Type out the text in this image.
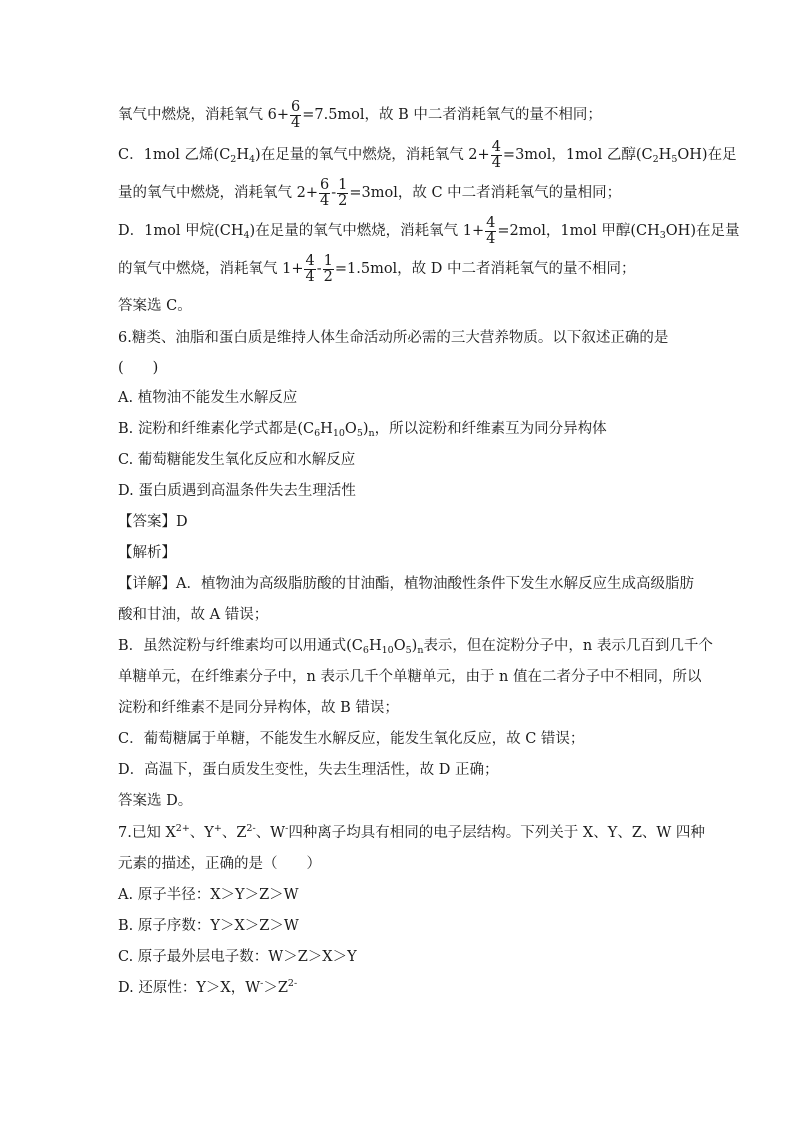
氧气中燃烧，消耗氧气 $6+ \frac{6}{4} =7.5mol$，故 B 中二者消耗氧气的量不相同；
C．1mol 乙烯$(C_2H_4)$在足量的氧气中燃烧，消耗氧气 $2+ \frac{4}{4} =3mol$，1mol 乙醇$(C_2H_5OH)$在足
量的氧气中燃烧，消耗氧气 $2+ \frac{6}{4} - \frac{1}{2} =3mol$，故 C 中二者消耗氧气的量相同；
D．1mol 甲烷$(CH_4)$在足量的氧气中燃烧，消耗氧气 $1+ \frac{4}{4} =2mol$，1mol 甲醇$(CH_3OH)$在足量
的氧气中燃烧，消耗氧气 $1+ \frac{4}{4} - \frac{1}{2} =1.5mol$，故 D 中二者消耗氧气的量不相同；
答案选 C。
6.糖类、油脂和蛋白质是维持人体生命活动所必需的三大营养物质。以下叙述正确的是
(　　)
A. 植物油不能发生水解反应
B. 淀粉和纤维素化学式都是$(C_6H_{10}O_5)_n$，所以淀粉和纤维素互为同分异构体
C. 葡萄糖能发生氧化反应和水解反应
D. 蛋白质遇到高温条件失去生理活性
【答案】D
【解析】
【详解】A．植物油为高级脂肪酸的甘油酯，植物油酸性条件下发生水解反应生成高级脂肪
酸和甘油，故 A 错误；
B．虽然淀粉与纤维素均可以用通式$(C_6H_{10}O_5)_n$表示，但在淀粉分子中，n 表示几百到几千个
单糖单元，在纤维素分子中，n 表示几千个单糖单元，由于 n 值在二者分子中不相同，所以
淀粉和纤维素不是同分异构体，故 B 错误；
C．葡萄糖属于单糖，不能发生水解反应，能发生氧化反应，故 C 错误；
D．高温下，蛋白质发生变性，失去生理活性，故 D 正确；
答案选 D。
7.已知 $X^{2+}$、Y+、$Z^{2-}$、W-四种离子均具有相同的电子层结构。下列关于 X、Y、Z、W 四种
元素的描述，正确的是（　　）
A. 原子半径：X＞Y＞Z＞W
B. 原子序数：Y＞X＞Z＞W
C. 原子最外层电子数：W＞Z＞X＞Y
D. 还原性：Y＞X，$W^->Z^{2-}$
